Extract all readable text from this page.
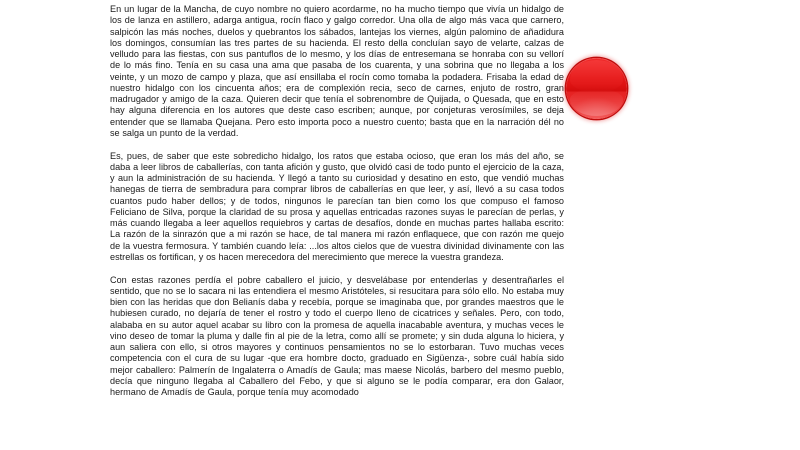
En un lugar de la Mancha, de cuyo nombre no quiero acordarme, no ha mucho tiempo que vivía un hidalgo de los de lanza en astillero, adarga antigua, rocín flaco y galgo corredor. Una olla de algo más vaca que carnero, salpicón las más noches, duelos y quebrantos los sábados, lantejas los viernes, algún palomino de añadidura los domingos, consumían las tres partes de su hacienda. El resto della concluían sayo de velarte, calzas de velludo para las fiestas, con sus pantuflos de lo mesmo, y los días de entresemana se honraba con su vellorí de lo más fino. Tenía en su casa una ama que pasaba de los cuarenta, y una sobrina que no llegaba a los veinte, y un mozo de campo y plaza, que así ensillaba el rocín como tomaba la podadera. Frisaba la edad de nuestro hidalgo con los cincuenta años; era de complexión recia, seco de carnes, enjuto de rostro, gran madrugador y amigo de la caza. Quieren decir que tenía el sobrenombre de Quijada, o Quesada, que en esto hay alguna diferencia en los autores que deste caso escriben; aunque, por conjeturas verosímiles, se deja entender que se llamaba Quejana. Pero esto importa poco a nuestro cuento; basta que en la narración dél no se salga un punto de la verdad.

Es, pues, de saber que este sobredicho hidalgo, los ratos que estaba ocioso, que eran los más del año, se daba a leer libros de caballerías, con tanta afición y gusto, que olvidó casi de todo punto el ejercicio de la caza, y aun la administración de su hacienda. Y llegó a tanto su curiosidad y desatino en esto, que vendió muchas hanegas de tierra de sembradura para comprar libros de caballerías en que leer, y así, llevó a su casa todos cuantos pudo haber dellos; y de todos, ningunos le parecían tan bien como los que compuso el famoso Feliciano de Silva, porque la claridad de su prosa y aquellas entricadas razones suyas le parecían de perlas, y más cuando llegaba a leer aquellos requiebros y cartas de desafíos, donde en muchas partes hallaba escrito: La razón de la sinrazón que a mi razón se hace, de tal manera mi razón enflaquece, que con razón me quejo de la vuestra fermosura. Y también cuando leía: ...los altos cielos que de vuestra divinidad divinamente con las estrellas os fortifican, y os hacen merecedora del merecimiento que merece la vuestra grandeza.

Con estas razones perdía el pobre caballero el juicio, y desvelábase por entenderlas y desentrañarles el sentido, que no se lo sacara ni las entendiera el mesmo Aristóteles, si resucitara para sólo ello. No estaba muy bien con las heridas que don Belianís daba y recebía, porque se imaginaba que, por grandes maestros que le hubiesen curado, no dejaría de tener el rostro y todo el cuerpo lleno de cicatrices y señales. Pero, con todo, alababa en su autor aquel acabar su libro con la promesa de aquella inacabable aventura, y muchas veces le vino deseo de tomar la pluma y dalle fin al pie de la letra, como allí se promete; y sin duda alguna lo hiciera, y aun saliera con ello, si otros mayores y continuos pensamientos no se lo estorbaran. Tuvo muchas veces competencia con el cura de su lugar -que era hombre docto, graduado en Sigüenza-, sobre cuál había sido mejor caballero: Palmerín de Ingalaterra o Amadís de Gaula; mas maese Nicolás, barbero del mesmo pueblo, decía que ninguno llegaba al Caballero del Febo, y que si alguno se le podía comparar, era don Galaor, hermano de Amadís de Gaula, porque tenía muy acomodado
